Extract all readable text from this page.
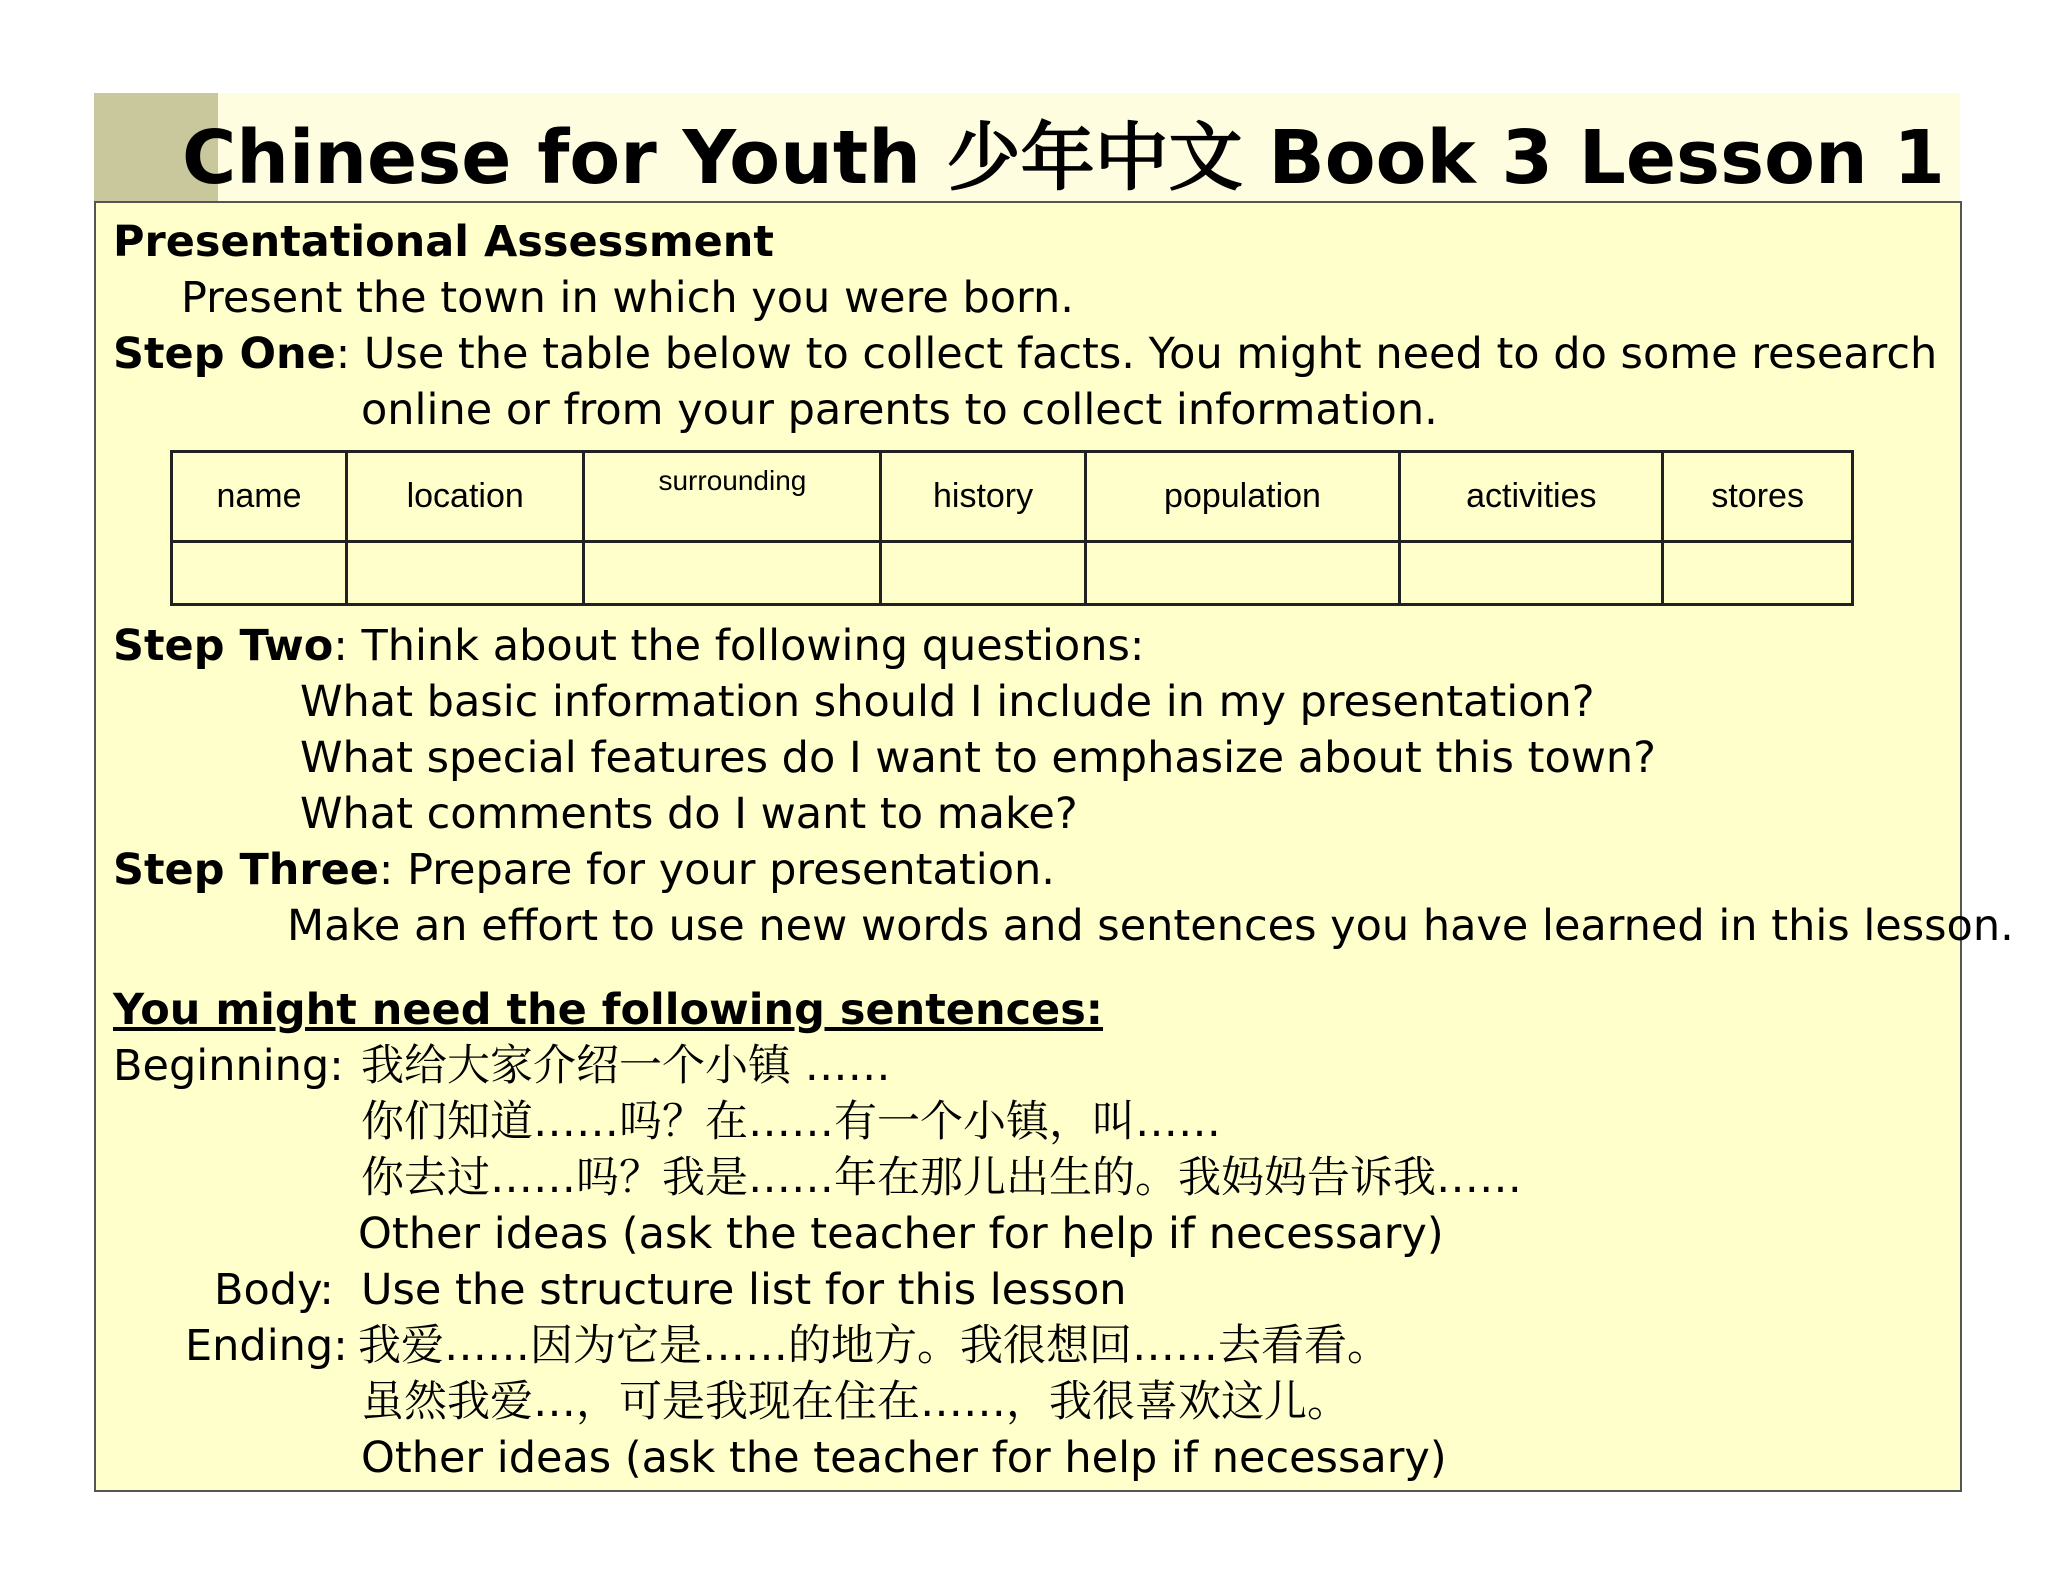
Chinese for Youth 少年中文 Book 3 Lesson 1
Presentational Assessment
Present the town in which you were born.
Step One: Use the table below to collect facts. You might need to do some research
online or from your parents to collect information.
name	location	surrounding	history	population	activities	stores

Step Two: Think about the following questions:
What basic information should I include in my presentation?
What special features do I want to emphasize about this town?
What comments do I want to make?
Step Three: Prepare for your presentation.
Make an effort to use new words and sentences you have learned in this lesson.
You might need the following sentences:
Beginning: 我给大家介绍一个小镇 ……
你们知道……吗？在……有一个小镇，叫……
你去过……吗？我是……年在那儿出生的。我妈妈告诉我……
Other ideas (ask the teacher for help if necessary)
Body: Use the structure list for this lesson
Ending: 我爱……因为它是……的地方。我很想回……去看看。
虽然我爱…，可是我现在住在……，我很喜欢这儿。
Other ideas (ask the teacher for help if necessary)
